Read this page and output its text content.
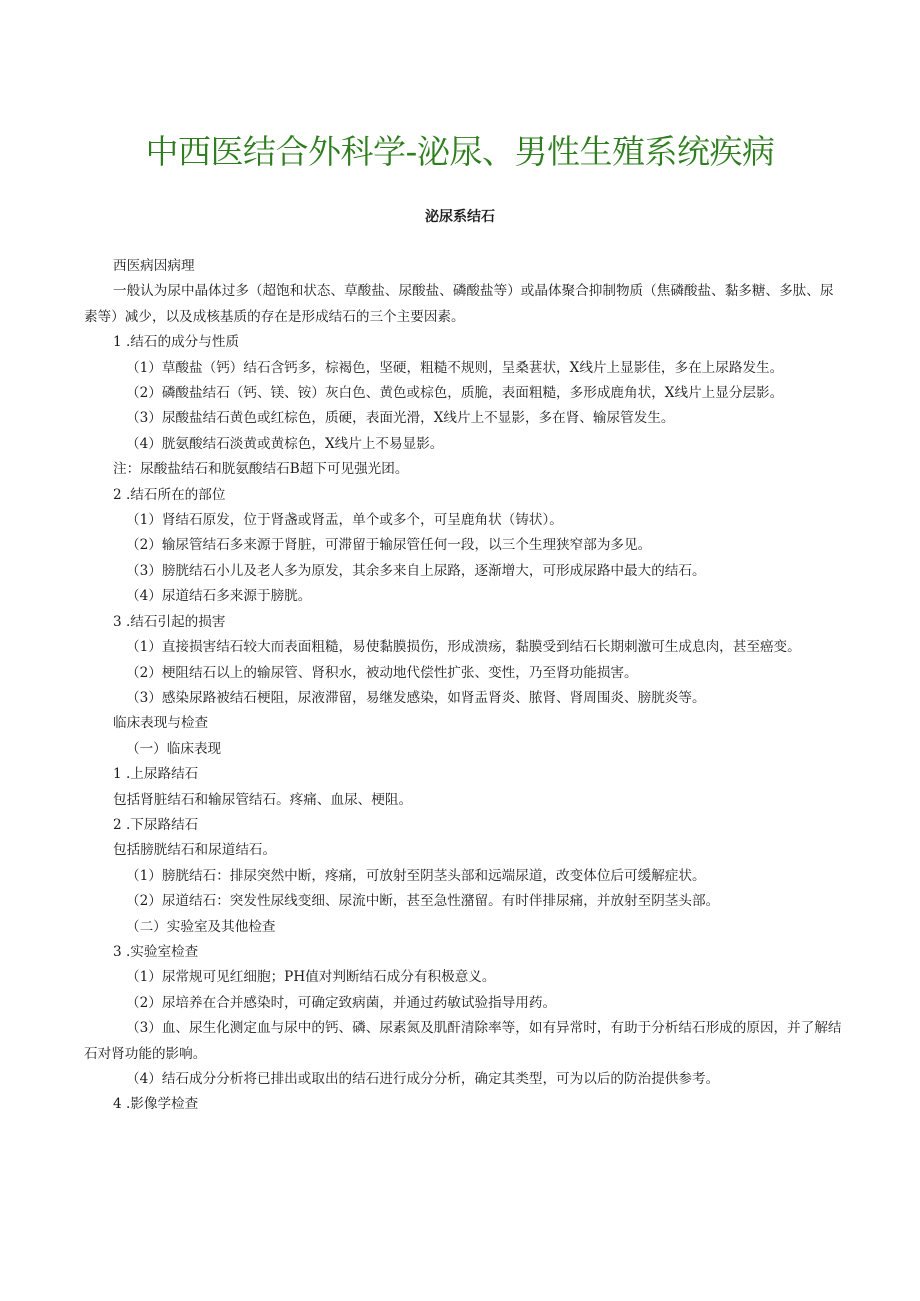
中西医结合外科学-泌尿、男性生殖系统疾病
泌尿系结石

西医病因病理

一般认为尿中晶体过多（超饱和状态、草酸盐、尿酸盐、磷酸盐等）或晶体聚合抑制物质（焦磷酸盐、黏多糖、多肽、尿素等）减少，以及成核基质的存在是形成结石的三个主要因素。

1 .结石的成分与性质

（1）草酸盐（钙）结石含钙多，棕褐色，坚硬，粗糙不规则，呈桑葚状，X线片上显影佳，多在上尿路发生。

（2）磷酸盐结石（钙、镁、铵）灰白色、黄色或棕色，质脆，表面粗糙，多形成鹿角状，X线片上显分层影。

（3）尿酸盐结石黄色或红棕色，质硬，表面光滑，X线片上不显影，多在肾、输尿管发生。

（4）胱氨酸结石淡黄或黄棕色，X线片上不易显影。

注：尿酸盐结石和胱氨酸结石B超下可见强光团。

2 .结石所在的部位

（1）肾结石原发，位于肾盏或肾盂，单个或多个，可呈鹿角状（铸状）。

（2）输尿管结石多来源于肾脏，可滞留于输尿管任何一段，以三个生理狭窄部为多见。

（3）膀胱结石小儿及老人多为原发，其余多来自上尿路，逐渐增大，可形成尿路中最大的结石。

（4）尿道结石多来源于膀胱。

3 .结石引起的损害

（1）直接损害结石较大而表面粗糙，易使黏膜损伤，形成溃疡，黏膜受到结石长期刺激可生成息肉，甚至癌变。

（2）梗阻结石以上的输尿管、肾积水，被动地代偿性扩张、变性，乃至肾功能损害。

（3）感染尿路被结石梗阻，尿液滞留，易继发感染，如肾盂肾炎、脓肾、肾周围炎、膀胱炎等。

临床表现与检查

（一）临床表现

1 .上尿路结石

包括肾脏结石和输尿管结石。疼痛、血尿、梗阻。

2 .下尿路结石

包括膀胱结石和尿道结石。

（1）膀胱结石：排尿突然中断，疼痛，可放射至阴茎头部和远端尿道，改变体位后可缓解症状。

（2）尿道结石：突发性尿线变细、尿流中断，甚至急性潴留。有时伴排尿痛，并放射至阴茎头部。

（二）实验室及其他检查

3 .实验室检查

（1）尿常规可见红细胞；PH值对判断结石成分有积极意义。

（2）尿培养在合并感染时，可确定致病菌，并通过药敏试验指导用药。

（3）血、尿生化测定血与尿中的钙、磷、尿素氮及肌酐清除率等，如有异常时，有助于分析结石形成的原因，并了解结石对肾功能的影响。

（4）结石成分分析将已排出或取出的结石进行成分分析，确定其类型，可为以后的防治提供参考。

4 .影像学检查
